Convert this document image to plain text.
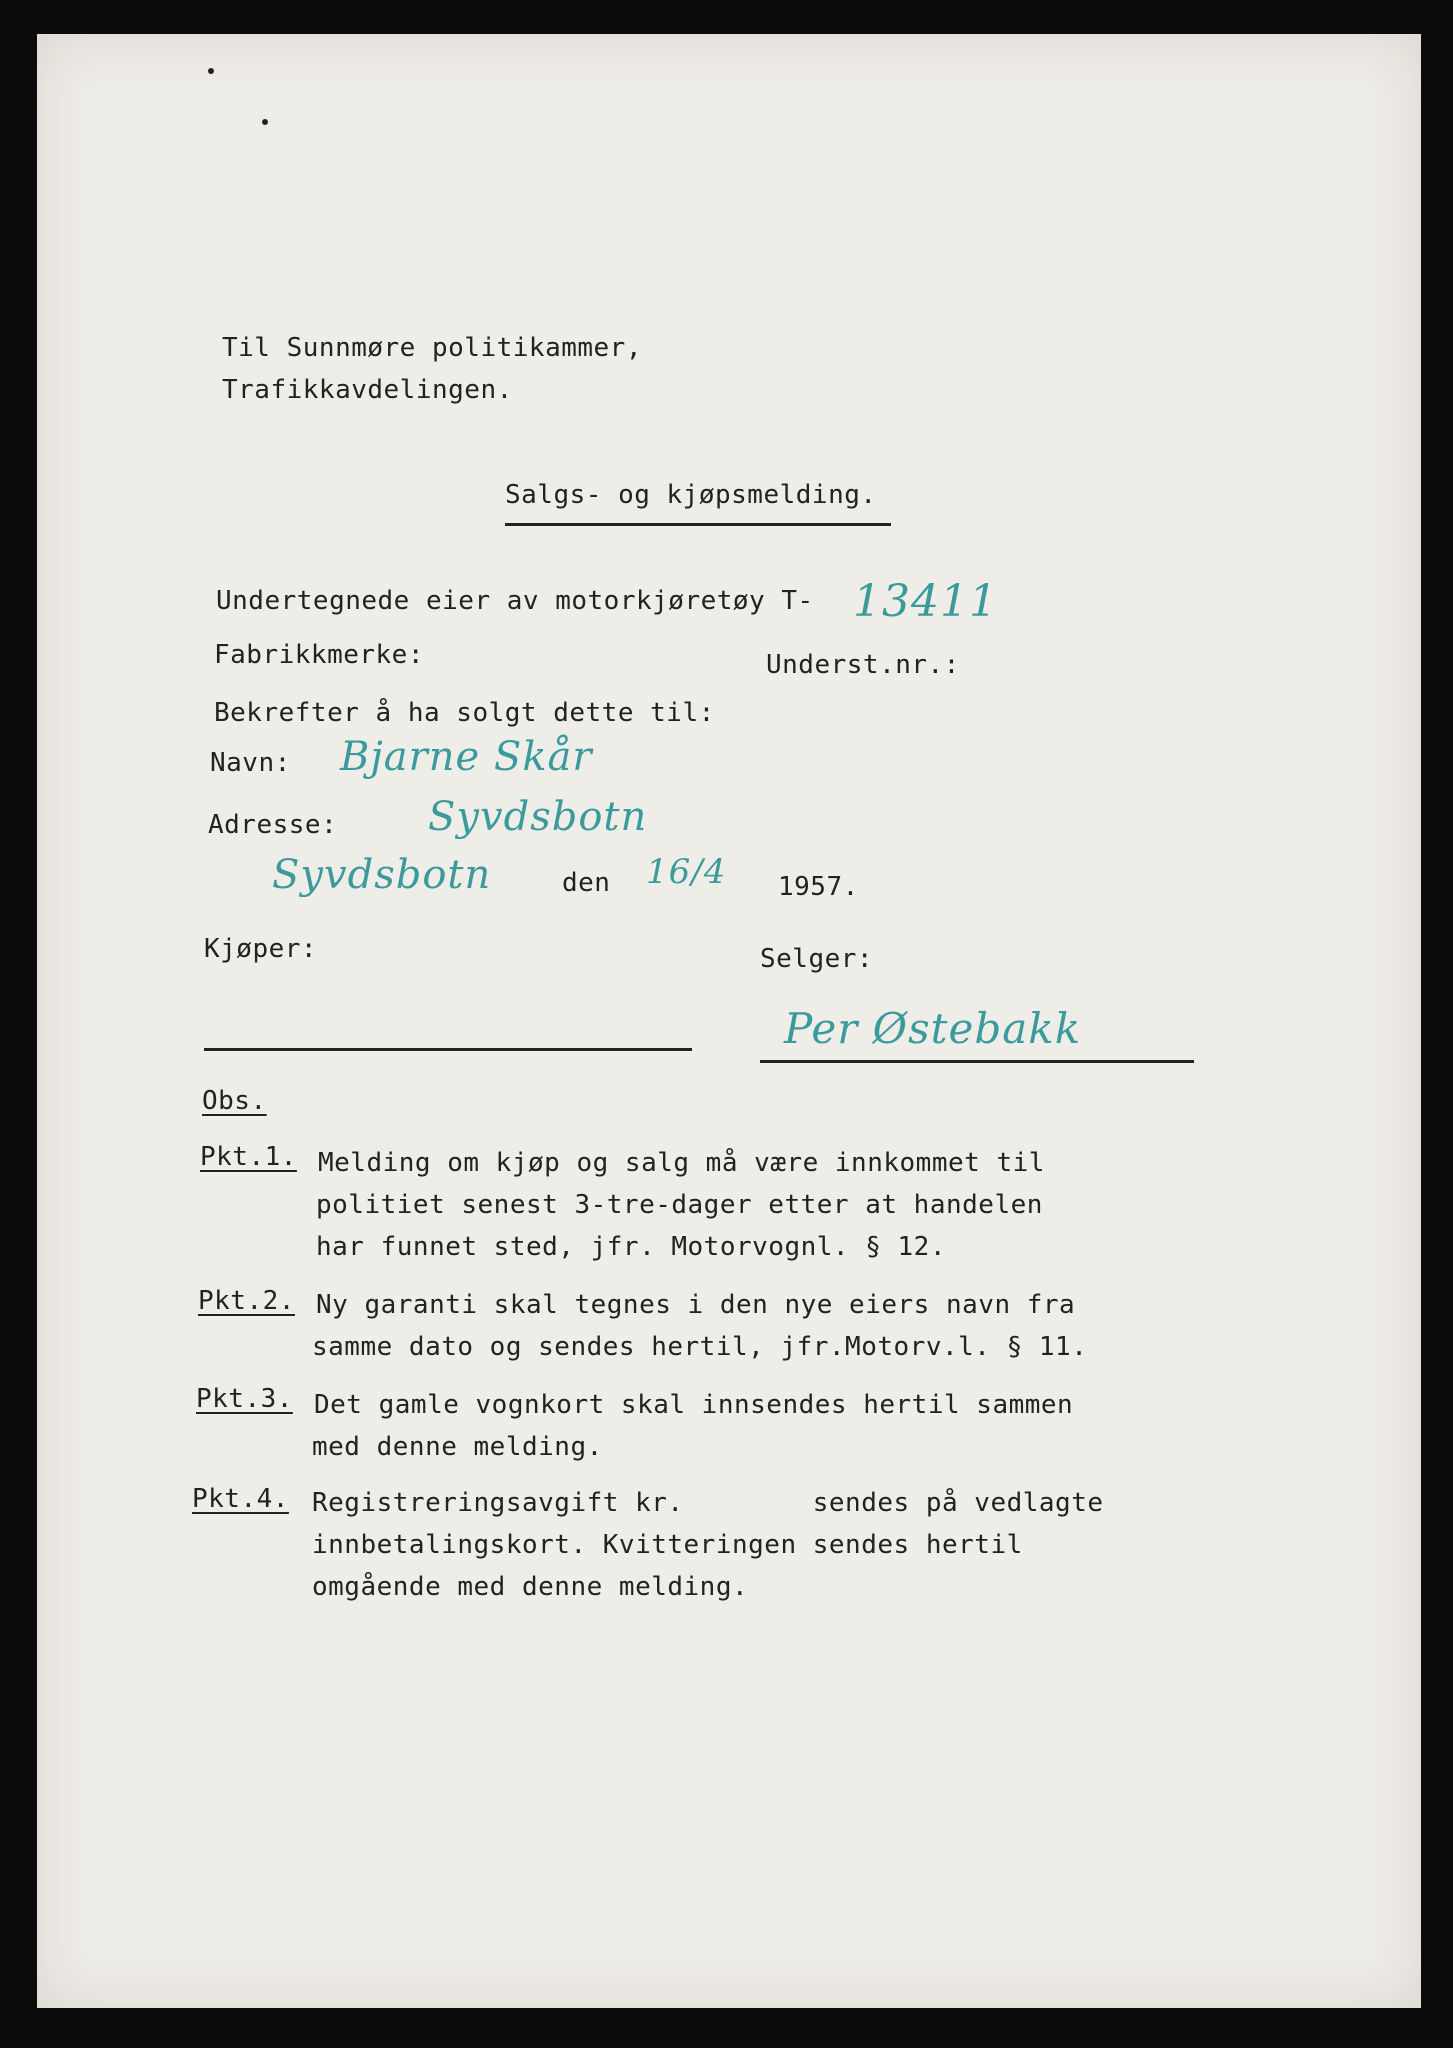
Til Sunnmøre politikammer,
Trafikkavdelingen.
Salgs- og kjøpsmelding.
Undertegnede eier av motorkjøretøy T- 13411
Fabrikkmerke:	Underst.nr.:
Bekrefter å ha solgt dette til:
Navn: Bjarne Skår
Adresse: Syvdsbotn
Syvdsbotn	den 16/4 1957.
Kjøper:	Selger:
Per Østebakk
Obs.
Pkt.1. Melding om kjøp og salg må være innkommet til
politiet senest 3-tre-dager etter at handelen
har funnet sted, jfr. Motorvognl. § 12.
Pkt.2. Ny garanti skal tegnes i den nye eiers navn fra
samme dato og sendes hertil, jfr.Motorv.l. § 11.
Pkt.3. Det gamle vognkort skal innsendes hertil sammen
med denne melding.
Pkt.4. Registreringsavgift kr.        sendes på vedlagte
innbetalingskort. Kvitteringen sendes hertil
omgående med denne melding.
